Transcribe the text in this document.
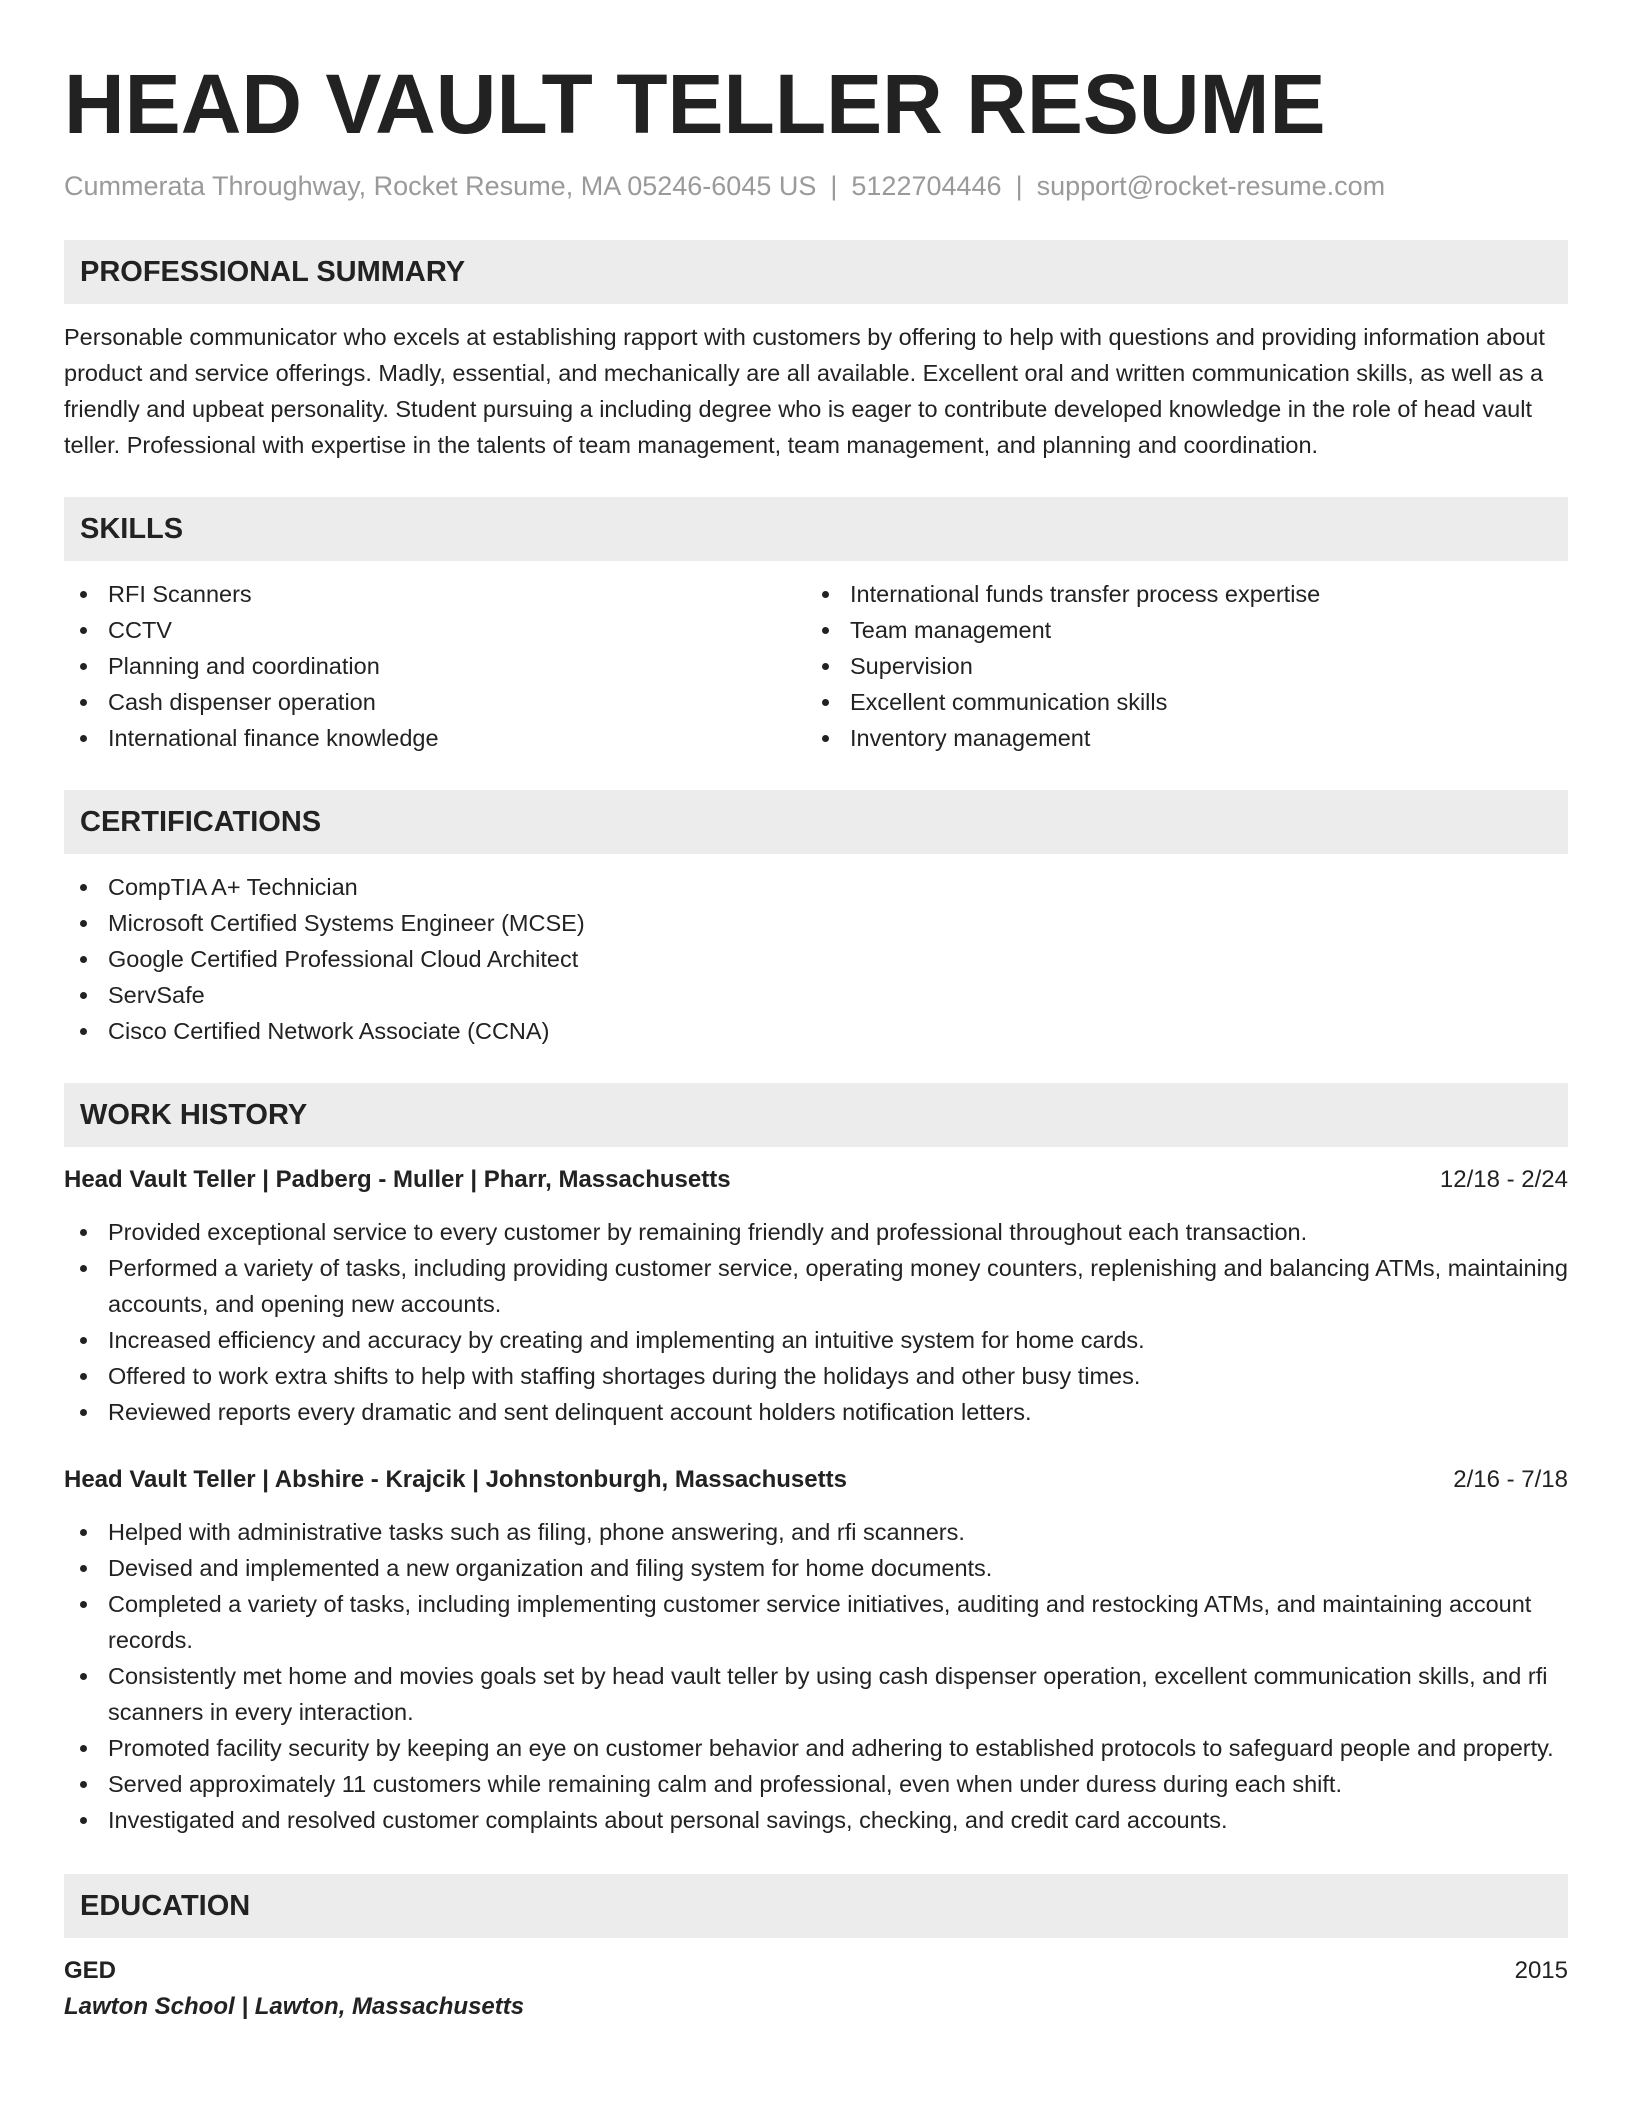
HEAD VAULT TELLER RESUME
Cummerata Throughway, Rocket Resume, MA 05246-6045 US | 5122704446 | support@rocket-resume.com
PROFESSIONAL SUMMARY

Personable communicator who excels at establishing rapport with customers by offering to help with questions and providing information about product and service offerings. Madly, essential, and mechanically are all available. Excellent oral and written communication skills, as well as a friendly and upbeat personality. Student pursuing a including degree who is eager to contribute developed knowledge in the role of head vault teller. Professional with expertise in the talents of team management, team management, and planning and coordination.

SKILLS
RFI Scanners
CCTV
Planning and coordination
Cash dispenser operation
International finance knowledge
International funds transfer process expertise
Team management
Supervision
Excellent communication skills
Inventory management
CERTIFICATIONS
CompTIA A+ Technician
Microsoft Certified Systems Engineer (MCSE)
Google Certified Professional Cloud Architect
ServSafe
Cisco Certified Network Associate (CCNA)
WORK HISTORY
Head Vault Teller | Padberg - Muller | Pharr, Massachusetts	12/18 - 2/24
Provided exceptional service to every customer by remaining friendly and professional throughout each transaction.
Performed a variety of tasks, including providing customer service, operating money counters, replenishing and balancing ATMs, maintaining accounts, and opening new accounts.
Increased efficiency and accuracy by creating and implementing an intuitive system for home cards.
Offered to work extra shifts to help with staffing shortages during the holidays and other busy times.
Reviewed reports every dramatic and sent delinquent account holders notification letters.
Head Vault Teller | Abshire - Krajcik | Johnstonburgh, Massachusetts	2/16 - 7/18
Helped with administrative tasks such as filing, phone answering, and rfi scanners.
Devised and implemented a new organization and filing system for home documents.
Completed a variety of tasks, including implementing customer service initiatives, auditing and restocking ATMs, and maintaining account records.
Consistently met home and movies goals set by head vault teller by using cash dispenser operation, excellent communication skills, and rfi scanners in every interaction.
Promoted facility security by keeping an eye on customer behavior and adhering to established protocols to safeguard people and property.
Served approximately 11 customers while remaining calm and professional, even when under duress during each shift.
Investigated and resolved customer complaints about personal savings, checking, and credit card accounts.
EDUCATION
GED	2015
Lawton School | Lawton, Massachusetts
